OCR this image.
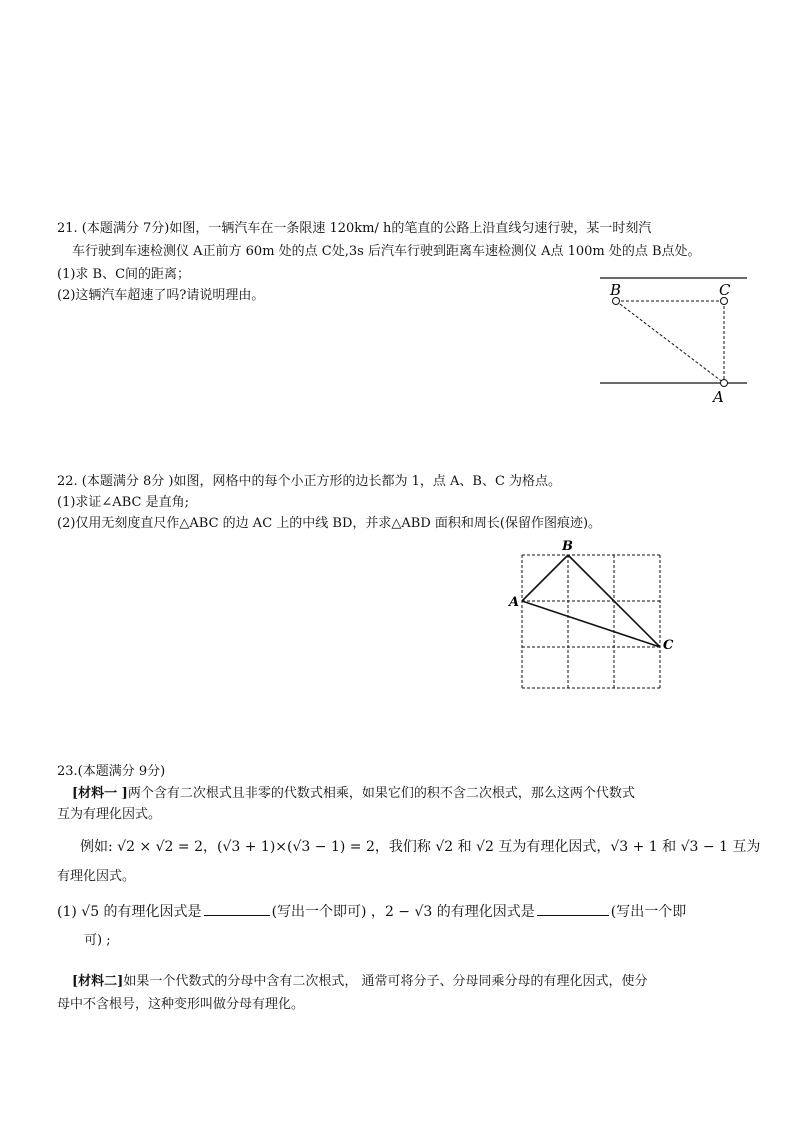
21. (本题满分 7分)如图，一辆汽车在一条限速 120km/ h的笔直的公路上沿直线匀速行驶，某一时刻汽
车行驶到车速检测仪 A正前方 60m 处的点 C处,3s 后汽车行驶到距离车速检测仪 A点 100m 处的点 B点处。
(1)求 B、C间的距离；
(2)这辆汽车超速了吗?请说明理由。	B	C
A
22. (本题满分 8分 )如图，网格中的每个小正方形的边长都为 1，点 A、B、C 为格点。
(1)求证∠ABC 是直角;
(2)仅用无刻度直尺作△ABC 的边 AC 上的中线 BD，并求△ABD 面积和周长(保留作图痕迹)。
A
B
C
23.(本题满分 9分)
[材料一 ]两个含有二次根式且非零的代数式相乘，如果它们的积不含二次根式，那么这两个代数式
互为有理化因式。
例如: √2 × √2 = 2，(√3 + 1)×(√3 − 1) = 2，我们称 √2 和 √2 互为有理化因式，√3 + 1 和 √3 − 1 互为
有理化因式。
(1) √5 的有理化因式是	(写出一个即可) ，2 − √3 的有理化因式是	(写出一个即
可) ;
[材料二]如果一个代数式的分母中含有二次根式， 通常可将分子、分母同乘分母的有理化因式，使分
母中不含根号，这种变形叫做分母有理化。
